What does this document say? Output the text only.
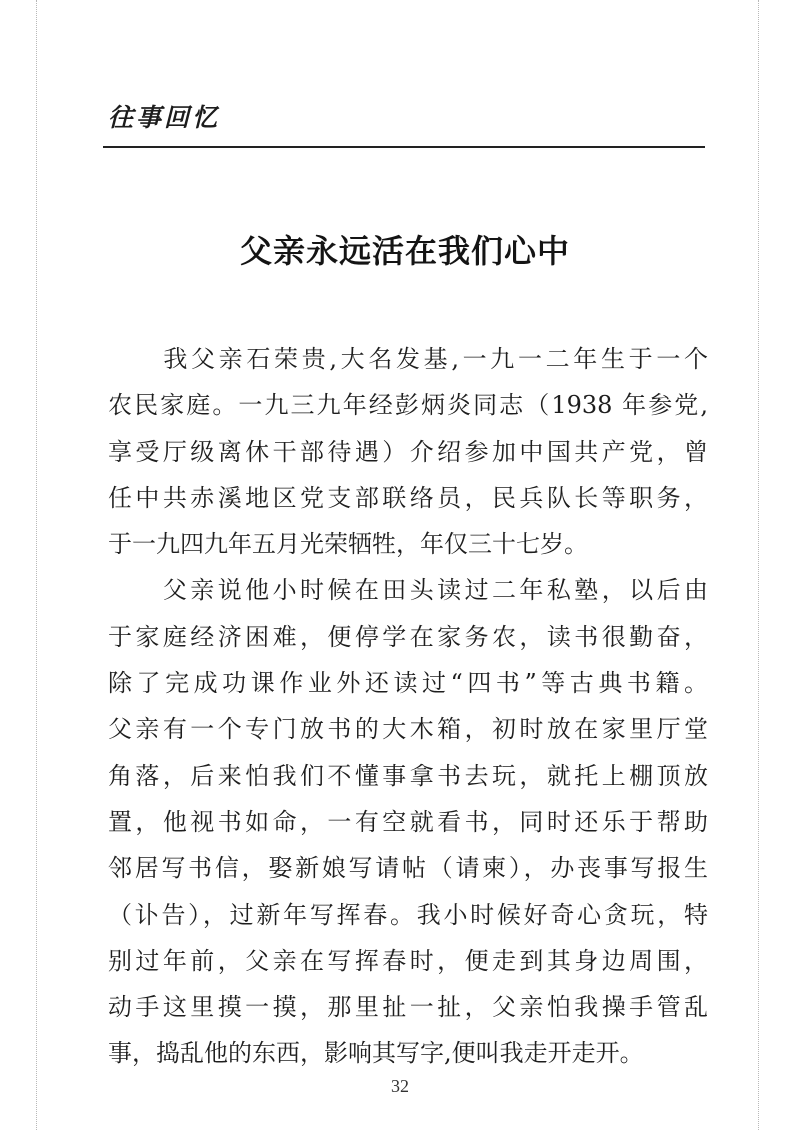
往事回忆
父亲永远活在我们心中
　　我父亲石荣贵,大名发基,一九一二年生于一个
农民家庭。一九三九年经彭炳炎同志（1938 年参党,
享受厅级离休干部待遇）介绍参加中国共产党，曾
任中共赤溪地区党支部联络员，民兵队长等职务，
于一九四九年五月光荣牺牲，年仅三十七岁。
　　父亲说他小时候在田头读过二年私塾，以后由
于家庭经济困难，便停学在家务农，读书很勤奋，
除了完成功课作业外还读过“四书”等古典书籍。
父亲有一个专门放书的大木箱，初时放在家里厅堂
角落，后来怕我们不懂事拿书去玩，就托上棚顶放
置，他视书如命，一有空就看书，同时还乐于帮助
邻居写书信，娶新娘写请帖（请柬），办丧事写报生
（讣告），过新年写挥春。我小时候好奇心贪玩，特
别过年前，父亲在写挥春时，便走到其身边周围，
动手这里摸一摸，那里扯一扯，父亲怕我操手管乱
事，捣乱他的东西，影响其写字,便叫我走开走开。
32
